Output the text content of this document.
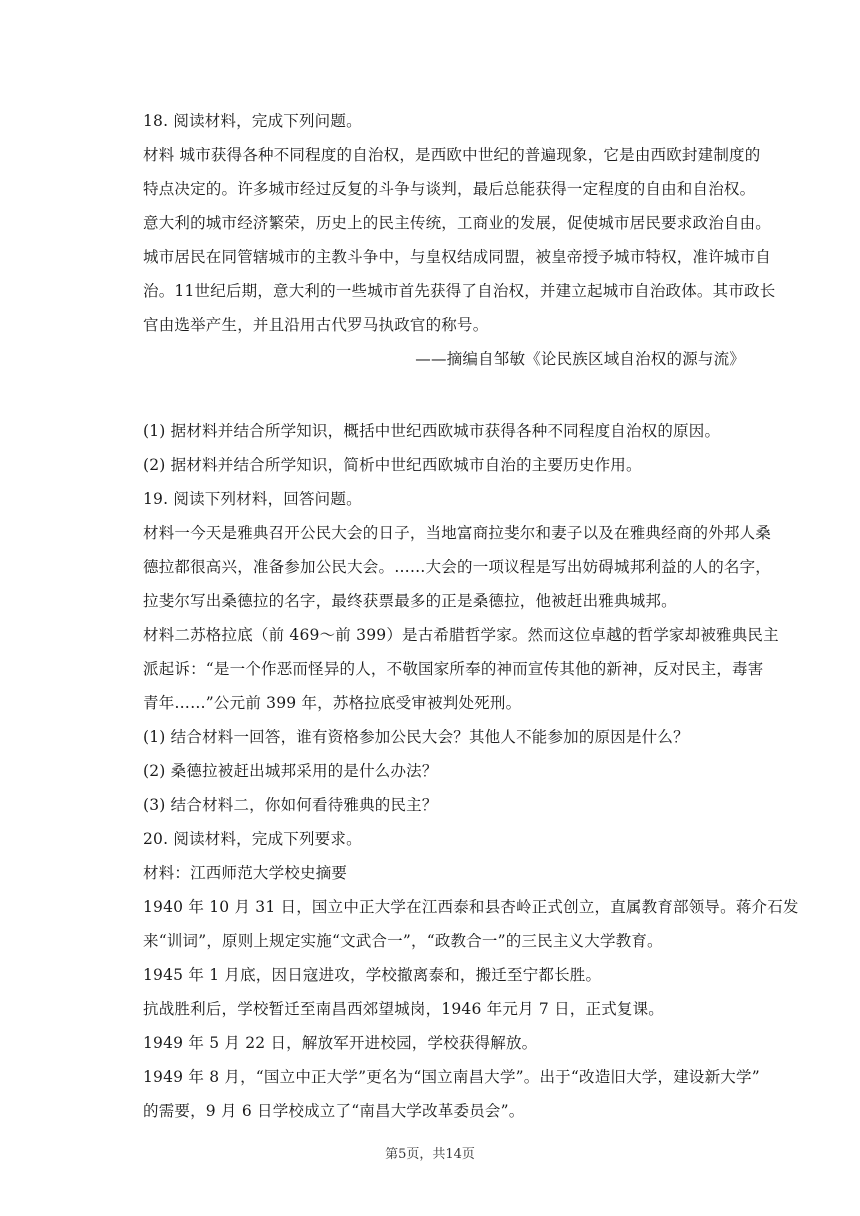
18. 阅读材料，完成下列问题。
材料 城市获得各种不同程度的自治权，是西欧中世纪的普遍现象，它是由西欧封建制度的
特点决定的。许多城市经过反复的斗争与谈判，最后总能获得一定程度的自由和自治权。
意大利的城市经济繁荣，历史上的民主传统，工商业的发展，促使城市居民要求政治自由。
城市居民在同管辖城市的主教斗争中，与皇权结成同盟，被皇帝授予城市特权，准许城市自
治。11世纪后期，意大利的一些城市首先获得了自治权，并建立起城市自治政体。其市政长
官由选举产生，并且沿用古代罗马执政官的称号。
——摘编自邹敏《论民族区域自治权的源与流》
(1) 据材料并结合所学知识，概括中世纪西欧城市获得各种不同程度自治权的原因。
(2) 据材料并结合所学知识，简析中世纪西欧城市自治的主要历史作用。
19. 阅读下列材料，回答问题。
材料一今天是雅典召开公民大会的日子，当地富商拉斐尔和妻子以及在雅典经商的外邦人桑
德拉都很高兴，准备参加公民大会。……大会的一项议程是写出妨碍城邦利益的人的名字，
拉斐尔写出桑德拉的名字，最终获票最多的正是桑德拉，他被赶出雅典城邦。
材料二苏格拉底（前 469～前 399）是古希腊哲学家。然而这位卓越的哲学家却被雅典民主
派起诉：“是一个作恶而怪异的人，不敬国家所奉的神而宣传其他的新神，反对民主，毒害
青年……”公元前 399 年，苏格拉底受审被判处死刑。
(1) 结合材料一回答，谁有资格参加公民大会？其他人不能参加的原因是什么？
(2) 桑德拉被赶出城邦采用的是什么办法？
(3) 结合材料二，你如何看待雅典的民主？
20. 阅读材料，完成下列要求。
材料：江西师范大学校史摘要
1940 年 10 月 31 日，国立中正大学在江西泰和县杏岭正式创立，直属教育部领导。蒋介石发
来“训词”，原则上规定实施“文武合一”，“政教合一”的三民主义大学教育。
1945 年 1 月底，因日寇进攻，学校撤离泰和，搬迁至宁都长胜。
抗战胜利后，学校暂迁至南昌西郊望城岗，1946 年元月 7 日，正式复课。
1949 年 5 月 22 日，解放军开进校园，学校获得解放。
1949 年 8 月，“国立中正大学”更名为“国立南昌大学”。出于“改造旧大学，建设新大学”
的需要，9 月 6 日学校成立了“南昌大学改革委员会”。
第5页，共14页
